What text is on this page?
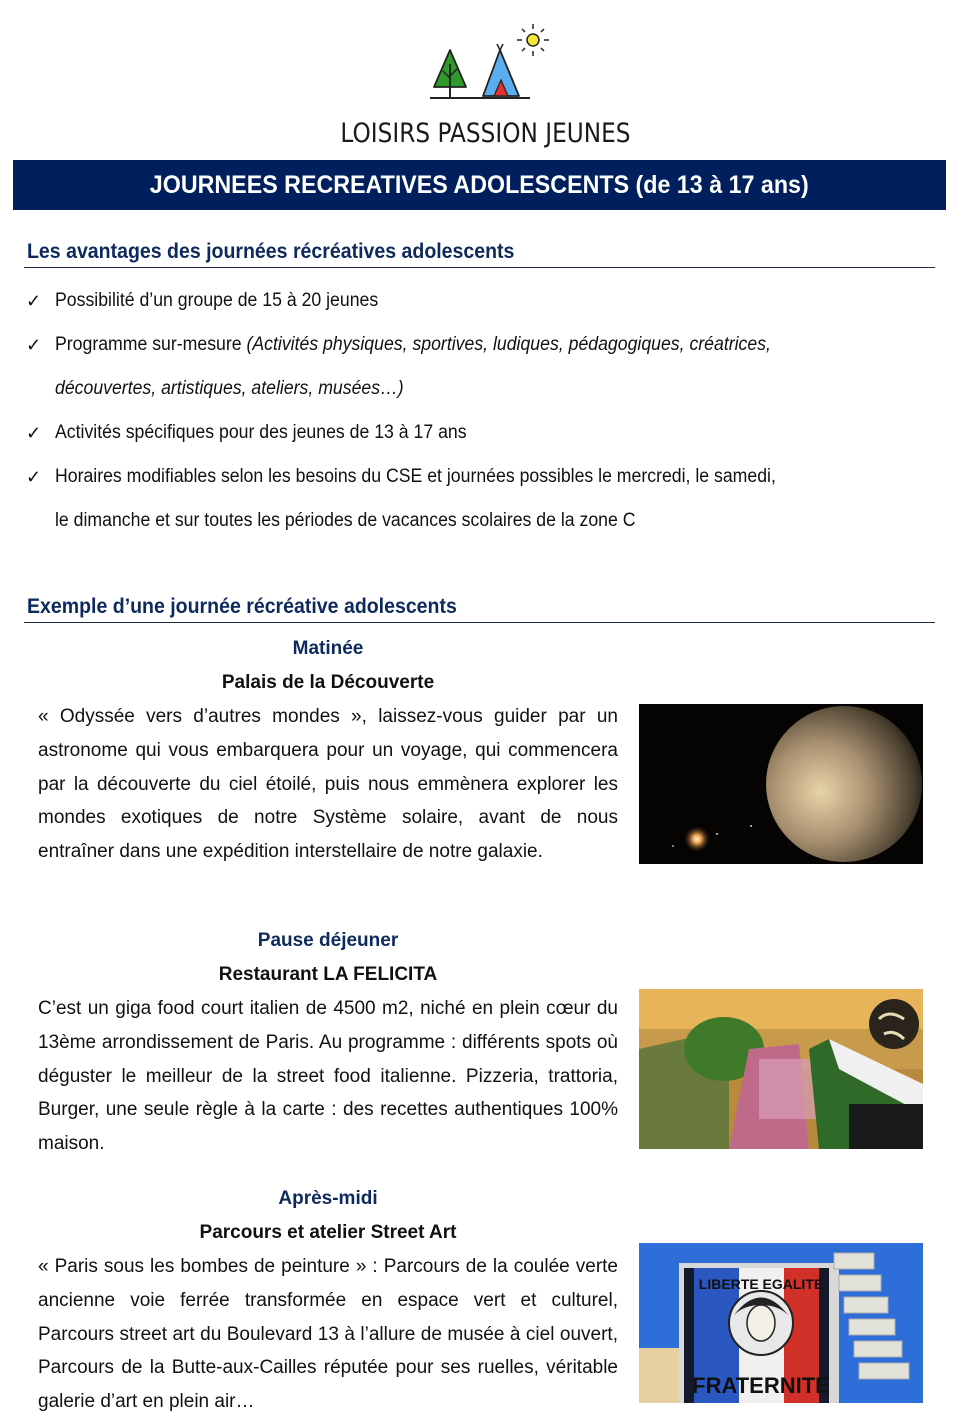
LOISIRS PASSION JEUNES
JOURNEES RECREATIVES ADOLESCENTS (de 13 à 17 ans)
Les avantages des journées récréatives adolescents
✓ Possibilité d’un groupe de 15 à 20 jeunes
✓ Programme sur-mesure (Activités physiques, sportives, ludiques, pédagogiques, créatrices,
découvertes, artistiques, ateliers, musées…)
✓ Activités spécifiques pour des jeunes de 13 à 17 ans
✓ Horaires modifiables selon les besoins du CSE et journées possibles le mercredi, le samedi,
le dimanche et sur toutes les périodes de vacances scolaires de la zone C
Exemple d’une journée récréative adolescents
Matinée
Palais de la Découverte

« Odyssée vers d’autres mondes », laissez-vous guider par un astronome qui vous embarquera pour un voyage, qui commencera par la découverte du ciel étoilé, puis nous emmènera explorer les mondes exotiques de notre Système solaire, avant de nous entraîner dans une expédition interstellaire de notre galaxie.

Pause déjeuner
Restaurant LA FELICITA

C’est un giga food court italien de 4500 m2, niché en plein cœur du 13ème arrondissement de Paris. Au programme : différents spots où déguster le meilleur de la street food italienne. Pizzeria, trattoria, Burger, une seule règle à la carte : des recettes authentiques 100% maison.

Après-midi
Parcours et atelier Street Art

« Paris sous les bombes de peinture » : Parcours de la coulée verte ancienne voie ferrée transformée en espace vert et culturel, Parcours street art du Boulevard 13 à l’allure de musée à ciel ouvert, Parcours de la Butte-aux-Cailles réputée pour ses ruelles, véritable galerie d’art en plein air…

LIBERTE EGALITE
FRATERNITE
